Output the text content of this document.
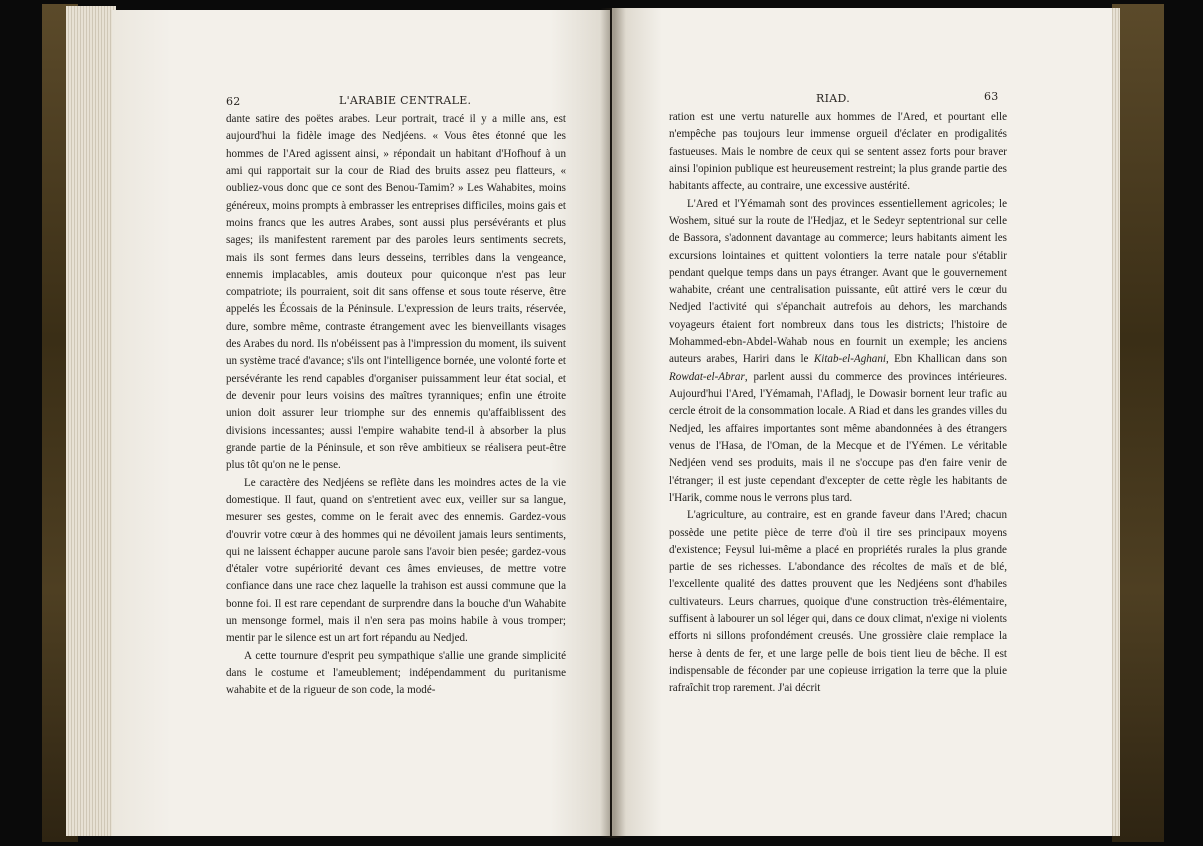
62	L'ARABIE CENTRALE.

dante satire des poëtes arabes. Leur portrait, tracé il y a mille ans, est aujourd'hui la fidèle image des Nedjéens. « Vous êtes étonné que les hommes de l'Ared agissent ainsi, » répondait un habitant d'Hofhouf à un ami qui rapportait sur la cour de Riad des bruits assez peu flatteurs, « oubliez-vous donc que ce sont des Benou-Tamim? » Les Wahabites, moins généreux, moins prompts à embrasser les entreprises difficiles, moins gais et moins francs que les autres Arabes, sont aussi plus persévérants et plus sages; ils manifestent rarement par des paroles leurs sentiments secrets, mais ils sont fermes dans leurs desseins, terribles dans la vengeance, ennemis implacables, amis douteux pour quiconque n'est pas leur compatriote; ils pourraient, soit dit sans offense et sous toute réserve, être appelés les Écossais de la Péninsule. L'expression de leurs traits, réservée, dure, sombre même, contraste étrangement avec les bienveillants visages des Arabes du nord. Ils n'obéissent pas à l'impression du moment, ils suivent un système tracé d'avance; s'ils ont l'intelligence bornée, une volonté forte et persévérante les rend capables d'organiser puissamment leur état social, et de devenir pour leurs voisins des maîtres tyranniques; enfin une étroite union doit assurer leur triomphe sur des ennemis qu'affaiblissent des divisions incessantes; aussi l'empire wahabite tend-il à absorber la plus grande partie de la Péninsule, et son rêve ambitieux se réalisera peut-être plus tôt qu'on ne le pense.

Le caractère des Nedjéens se reflète dans les moindres actes de la vie domestique. Il faut, quand on s'entretient avec eux, veiller sur sa langue, mesurer ses gestes, comme on le ferait avec des ennemis. Gardez-vous d'ouvrir votre cœur à des hommes qui ne dévoilent jamais leurs sentiments, qui ne laissent échapper aucune parole sans l'avoir bien pesée; gardez-vous d'étaler votre supériorité devant ces âmes envieuses, de mettre votre confiance dans une race chez laquelle la trahison est aussi commune que la bonne foi. Il est rare cependant de surprendre dans la bouche d'un Wahabite un mensonge formel, mais il n'en sera pas moins habile à vous tromper; mentir par le silence est un art fort répandu au Nedjed.

A cette tournure d'esprit peu sympathique s'allie une grande simplicité dans le costume et l'ameublement; indépendamment du puritanisme wahabite et de la rigueur de son code, la modé-

RIAD.	63

ration est une vertu naturelle aux hommes de l'Ared, et pourtant elle n'empêche pas toujours leur immense orgueil d'éclater en prodigalités fastueuses. Mais le nombre de ceux qui se sentent assez forts pour braver ainsi l'opinion publique est heureusement restreint; la plus grande partie des habitants affecte, au contraire, une excessive austérité.

L'Ared et l'Yémamah sont des provinces essentiellement agricoles; le Woshem, situé sur la route de l'Hedjaz, et le Sedeyr septentrional sur celle de Bassora, s'adonnent davantage au commerce; leurs habitants aiment les excursions lointaines et quittent volontiers la terre natale pour s'établir pendant quelque temps dans un pays étranger. Avant que le gouvernement wahabite, créant une centralisation puissante, eût attiré vers le cœur du Nedjed l'activité qui s'épanchait autrefois au dehors, les marchands voyageurs étaient fort nombreux dans tous les districts; l'histoire de Mohammed-ebn-Abdel-Wahab nous en fournit un exemple; les anciens auteurs arabes, Hariri dans le Kitab-el-Aghani, Ebn Khallican dans son Rowdat-el-Abrar, parlent aussi du commerce des provinces intérieures. Aujourd'hui l'Ared, l'Yémamah, l'Afladj, le Dowasir bornent leur trafic au cercle étroit de la consommation locale. A Riad et dans les grandes villes du Nedjed, les affaires importantes sont même abandonnées à des étrangers venus de l'Hasa, de l'Oman, de la Mecque et de l'Yémen. Le véritable Nedjéen vend ses produits, mais il ne s'occupe pas d'en faire venir de l'étranger; il est juste cependant d'excepter de cette règle les habitants de l'Harik, comme nous le verrons plus tard.

L'agriculture, au contraire, est en grande faveur dans l'Ared; chacun possède une petite pièce de terre d'où il tire ses principaux moyens d'existence; Feysul lui-même a placé en propriétés rurales la plus grande partie de ses richesses. L'abondance des récoltes de maïs et de blé, l'excellente qualité des dattes prouvent que les Nedjéens sont d'habiles cultivateurs. Leurs charrues, quoique d'une construction très-élémentaire, suffisent à labourer un sol léger qui, dans ce doux climat, n'exige ni violents efforts ni sillons profondément creusés. Une grossière claie remplace la herse à dents de fer, et une large pelle de bois tient lieu de bêche. Il est indispensable de féconder par une copieuse irrigation la terre que la pluie rafraîchit trop rarement. J'ai décrit
